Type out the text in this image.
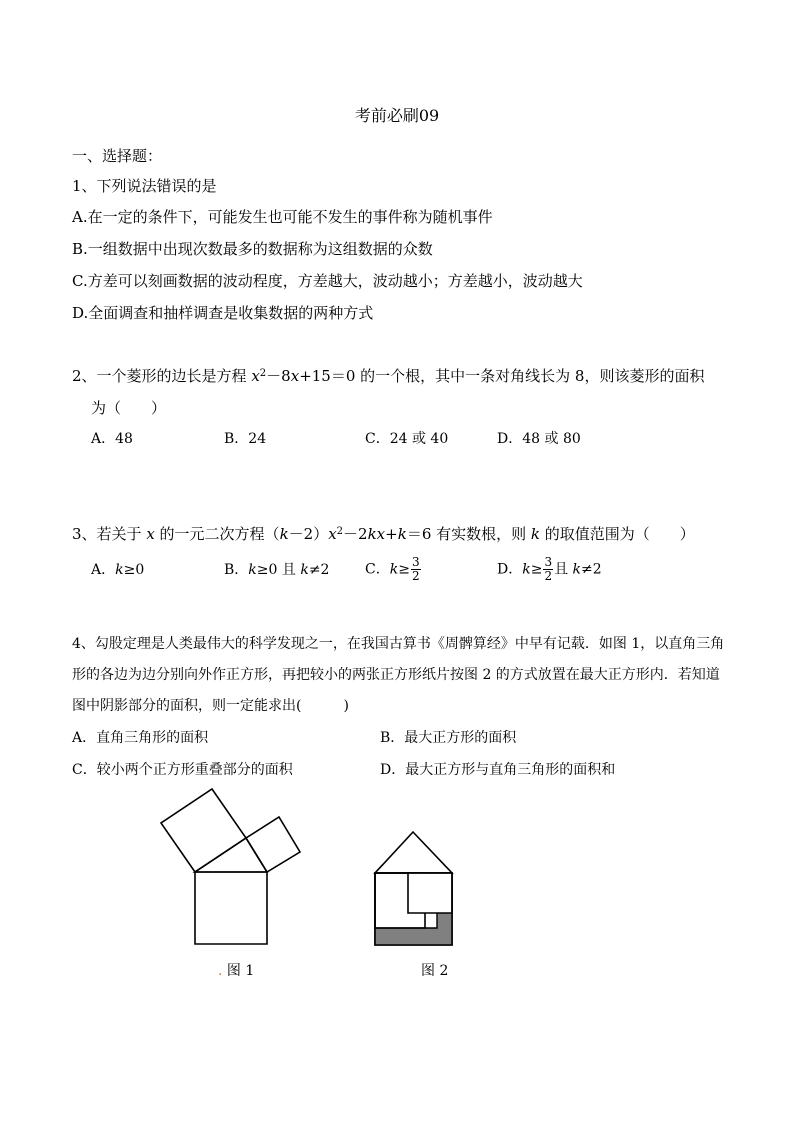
考前必刷09
一、选择题：
1、下列说法错误的是
A.在一定的条件下，可能发生也可能不发生的事件称为随机事件
B.一组数据中出现次数最多的数据称为这组数据的众数
C.方差可以刻画数据的波动程度，方差越大，波动越小；方差越小，波动越大
D.全面调查和抽样调查是收集数据的两种方式
2、一个菱形的边长是方程 $x^2-8x+15=0$ 的一个根，其中一条对角线长为 8，则该菱形的面积
为（　　）
A．48	B．24	C．24 或 40	D．48 或 80
3、若关于 x 的一元二次方程$(k-2)x^2-2kx+k=6$ 有实数根，则 k 的取值范围为（　　）
A．k≥0	B．k≥0 且 k≠2	C．$k\ge \frac{3}{2}$	D．$k\ge \frac{3}{2}$ 且 k≠2
4、勾股定理是人类最伟大的科学发现之一，在我国古算书《周髀算经》中早有记载．如图 1，以直角三角
形的各边为边分别向外作正方形，再把较小的两张正方形纸片按图 2 的方式放置在最大正方形内．若知道
图中阴影部分的面积，则一定能求出(　　　)
A．直角三角形的面积	B．最大正方形的面积
C．较小两个正方形重叠部分的面积	D．最大正方形与直角三角形的面积和
. 图 1	图 2
